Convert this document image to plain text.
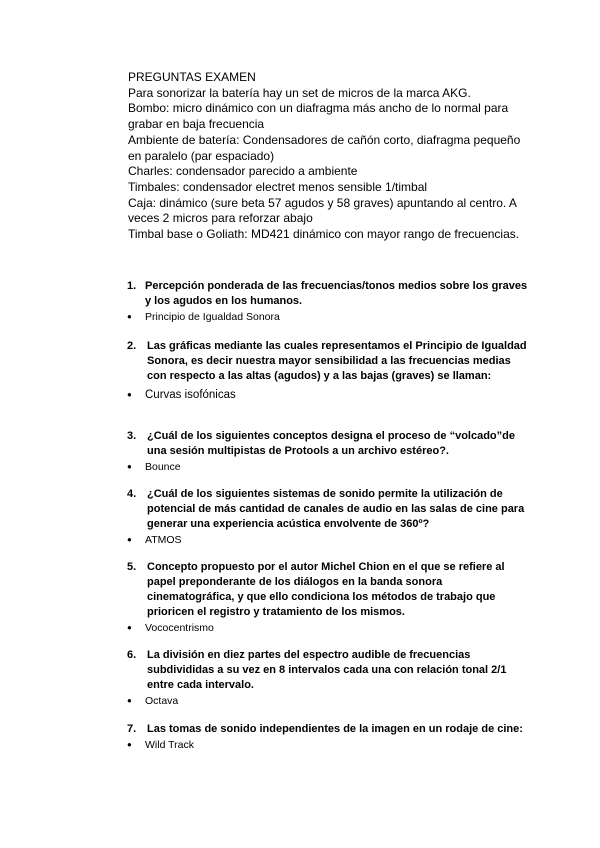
PREGUNTAS EXAMEN

Para sonorizar la batería hay un set de micros de la marca AKG.

Bombo: micro dinámico con un diafragma más ancho de lo normal para grabar en baja frecuencia

Ambiente de batería: Condensadores de cañón corto, diafragma pequeño en paralelo (par espaciado)

Charles: condensador parecido a ambiente

Timbales: condensador electret menos sensible 1/timbal

Caja: dinámico (sure beta 57 agudos y 58 graves) apuntando al centro. A veces 2 micros para reforzar abajo

Timbal base o Goliath: MD421 dinámico con mayor rango de frecuencias.

1. Percepción ponderada de las frecuencias/tonos medios sobre los graves y los agudos en los humanos.
●	Principio de Igualdad Sonora
2. Las gráficas mediante las cuales representamos el Principio de Igualdad Sonora, es decir nuestra mayor sensibilidad a las frecuencias medias con respecto a las altas (agudos) y a las bajas (graves) se llaman:
●	Curvas isofónicas
3. ¿Cuál de los siguientes conceptos designa el proceso de “volcado”de una sesión multipistas de Protools a un archivo estéreo?.
●	Bounce
4. ¿Cuál de los siguientes sistemas de sonido permite la utilización de potencial de más cantidad de canales de audio en las salas de cine para generar una experiencia acústica envolvente de 360º?
●	ATMOS
5. Concepto propuesto por el autor Michel Chion en el que se refiere al papel preponderante de los diálogos en la banda sonora cinematográfica, y que ello condiciona los métodos de trabajo que prioricen el registro y tratamiento de los mismos.
●	Vococentrismo
6. La división en diez partes del espectro audible de frecuencias subdivididas a su vez en 8 intervalos cada una con relación tonal 2/1 entre cada intervalo.
●	Octava
7. Las tomas de sonido independientes de la imagen en un rodaje de cine:
●	Wild Track
